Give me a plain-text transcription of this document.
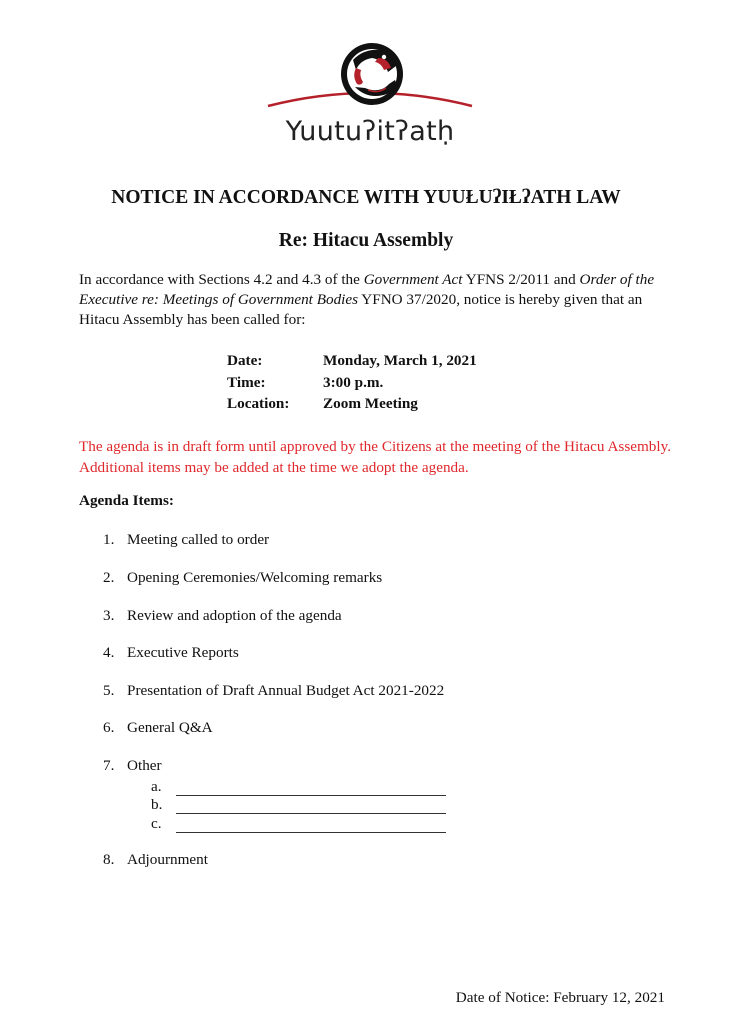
Yuutuʔitʔatḥ
NOTICE IN ACCORDANCE WITH YUUŁUʔIŁʔATH LAW
Re: Hitacu Assembly
In accordance with Sections 4.2 and 4.3 of the Government Act YFNS 2/2011 and Order of the Executive re: Meetings of Government Bodies YFNO 37/2020, notice is hereby given that an Hitacu Assembly has been called for:
Date:	Monday, March 1, 2021
Time:	3:00 p.m.
Location:	Zoom Meeting
The agenda is in draft form until approved by the Citizens at the meeting of the Hitacu Assembly. Additional items may be added at the time we adopt the agenda.
Agenda Items:
1. Meeting called to order
2. Opening Ceremonies/Welcoming remarks
3. Review and adoption of the agenda
4. Executive Reports
5. Presentation of Draft Annual Budget Act 2021-2022
6. General Q&A
7. Other
a.
b.
c.
8. Adjournment
Date of Notice: February 12, 2021
